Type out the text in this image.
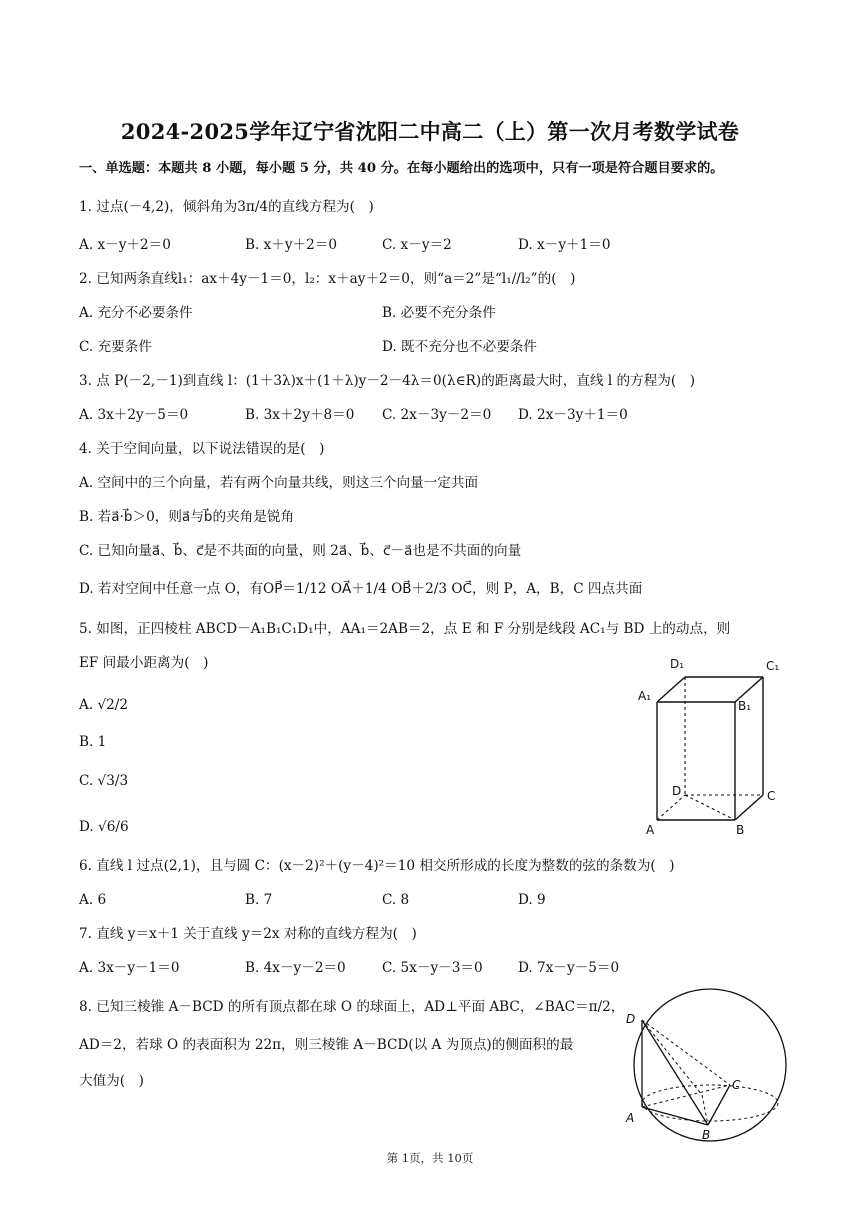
2024-2025学年辽宁省沈阳二中高二（上）第一次月考数学试卷
一、单选题：本题共 8 小题，每小题 5 分，共 40 分。在每小题给出的选项中，只有一项是符合题目要求的。
1. 过点(－4,2)，倾斜角为3π/4的直线方程为(　)
A. x－y＋2＝0	B. x＋y＋2＝0	C. x－y＝2	D. x－y＋1＝0
2. 已知两条直线l₁：ax＋4y－1＝0，l₂：x＋ay＋2＝0，则“a＝2”是“l₁//l₂”的(　)
A. 充分不必要条件	B. 必要不充分条件
C. 充要条件	D. 既不充分也不必要条件
3. 点 P(－2,－1)到直线 l：(1＋3λ)x＋(1＋λ)y－2－4λ＝0(λ∈R)的距离最大时，直线 l 的方程为(　)
A. 3x＋2y－5＝0	B. 3x＋2y＋8＝0 C. 2x－3y－2＝0 D. 2x－3y＋1＝0
4. 关于空间向量，以下说法错误的是(　)
A. 空间中的三个向量，若有两个向量共线，则这三个向量一定共面
B. 若a⃗·b⃗＞0，则a⃗与b⃗的夹角是锐角
C. 已知向量a⃗、b⃗、c⃗是不共面的向量，则 2a⃗、b⃗、c⃗－a⃗也是不共面的向量
D. 若对空间中任意一点 O，有OP⃗＝1/12 OA⃗＋1/4 OB⃗＋2/3 OC⃗，则 P，A，B，C 四点共面
5. 如图，正四棱柱 ABCD－A₁B₁C₁D₁中，AA₁＝2AB＝2，点 E 和 F 分别是线段 AC₁与 BD 上的动点，则
EF 间最小距离为(　)
A. √2/2
B. 1
C. √3/3
D. √6/6
D₁	C₁
A₁
B₁
D	C
A	B
6. 直线 l 过点(2,1)，且与圆 C：(x－2)²＋(y－4)²＝10 相交所形成的长度为整数的弦的条数为(　)
A. 6	B. 7	C. 8	D. 9
7. 直线 y＝x＋1 关于直线 y＝2x 对称的直线方程为(　)
A. 3x－y－1＝0	B. 4x－y－2＝0	C. 5x－y－3＝0	D. 7x－y－5＝0
8. 已知三棱锥 A－BCD 的所有顶点都在球 O 的球面上，AD⊥平面 ABC，∠BAC＝π/2，
AD＝2，若球 O 的表面积为 22π，则三棱锥 A－BCD(以 A 为顶点)的侧面积的最
大值为(　)
D
C
A
B
第 1页，共 10页
